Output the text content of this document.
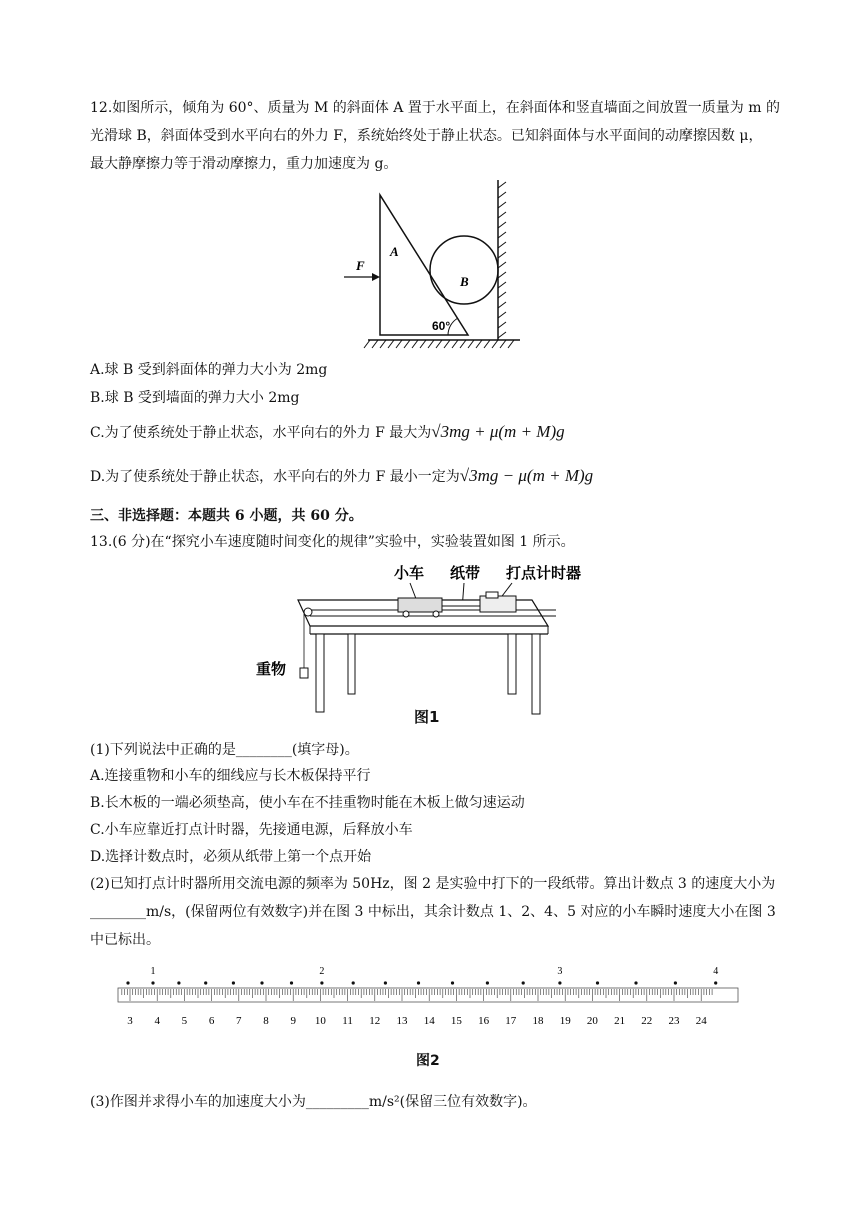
12.如图所示，倾角为 60°、质量为 M 的斜面体 A 置于水平面上，在斜面体和竖直墙面之间放置一质量为 m 的
光滑球 B，斜面体受到水平向右的外力 F，系统始终处于静止状态。已知斜面体与水平面间的动摩擦因数 μ，
最大静摩擦力等于滑动摩擦力，重力加速度为 g。
F
A
B
60°
A.球 B 受到斜面体的弹力大小为 2mg
B.球 B 受到墙面的弹力大小 2mg
C.为了使系统处于静止状态，水平向右的外力 F 最大为√3mg + μ(m + M)g
D.为了使系统处于静止状态，水平向右的外力 F 最小一定为√3mg − μ(m + M)g
三、非选择题：本题共 6 小题，共 60 分。
13.(6 分)在“探究小车速度随时间变化的规律”实验中，实验装置如图 1 所示。
小车 纸带 打点计时器
重物
图1
(1)下列说法中正确的是________(填字母)。
A.连接重物和小车的细线应与长木板保持平行
B.长木板的一端必须垫高，使小车在不挂重物时能在木板上做匀速运动
C.小车应靠近打点计时器，先接通电源，后释放小车
D.选择计数点时，必须从纸带上第一个点开始
(2)已知打点计时器所用交流电源的频率为 50Hz，图 2 是实验中打下的一段纸带。算出计数点 3 的速度大小为
________m/s，(保留两位有效数字)并在图 3 中标出，其余计数点 1、2、4、5 对应的小车瞬时速度大小在图 3
中已标出。
1	2	3	4
3 4 5 6 7 8 9 10 11 12 13 14 15 16 17 18 19 20 21 22 23 24
图2
(3)作图并求得小车的加速度大小为_________m/s²(保留三位有效数字)。
